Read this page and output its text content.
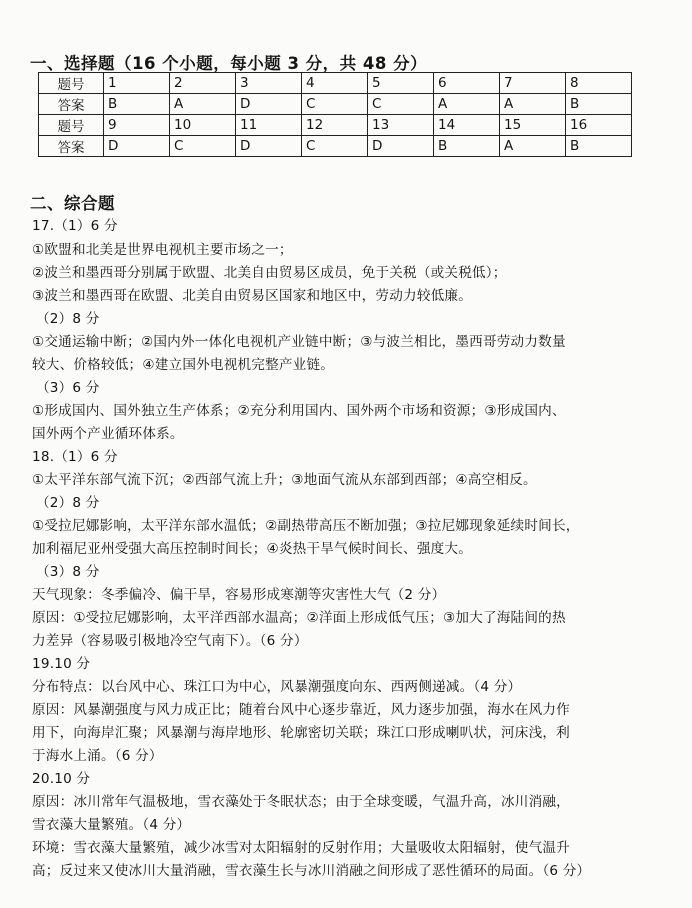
一、选择题（16 个小题，每小题 3 分，共 48 分）
题号	1	2	3	4	5	6	7	8
答案	B	A	D	C	C	A	A	B
题号	9	10	11	12	13	14	15	16
答案	D	C	D	C	D	B	A	B
二、综合题
17.（1）6 分
①欧盟和北美是世界电视机主要市场之一；
②波兰和墨西哥分别属于欧盟、北美自由贸易区成员，免于关税（或关税低）；
③波兰和墨西哥在欧盟、北美自由贸易区国家和地区中，劳动力较低廉。
（2）8 分
①交通运输中断；②国内外一体化电视机产业链中断；③与波兰相比，墨西哥劳动力数量
较大、价格较低；④建立国外电视机完整产业链。
（3）6 分
①形成国内、国外独立生产体系；②充分利用国内、国外两个市场和资源；③形成国内、
国外两个产业循环体系。
18.（1）6 分
①太平洋东部气流下沉；②西部气流上升；③地面气流从东部到西部；④高空相反。
（2）8 分
①受拉尼娜影响，太平洋东部水温低；②副热带高压不断加强；③拉尼娜现象延续时间长，
加利福尼亚州受强大高压控制时间长；④炎热干旱气候时间长、强度大。
（3）8 分
天气现象：冬季偏冷、偏干旱，容易形成寒潮等灾害性大气（2 分）
原因：①受拉尼娜影响，太平洋西部水温高；②洋面上形成低气压；③加大了海陆间的热
力差异（容易吸引极地冷空气南下）。（6 分）
19.10 分
分布特点：以台风中心、珠江口为中心，风暴潮强度向东、西两侧递减。（4 分）
原因：风暴潮强度与风力成正比；随着台风中心逐步靠近，风力逐步加强，海水在风力作
用下，向海岸汇聚；风暴潮与海岸地形、轮廓密切关联；珠江口形成喇叭状，河床浅，利
于海水上涌。（6 分）
20.10 分
原因：冰川常年气温极地，雪衣藻处于冬眠状态；由于全球变暖，气温升高，冰川消融，
雪衣藻大量繁殖。（4 分）
环境：雪衣藻大量繁殖，减少冰雪对太阳辐射的反射作用；大量吸收太阳辐射，使气温升
高；反过来又使冰川大量消融，雪衣藻生长与冰川消融之间形成了恶性循环的局面。（6 分）
